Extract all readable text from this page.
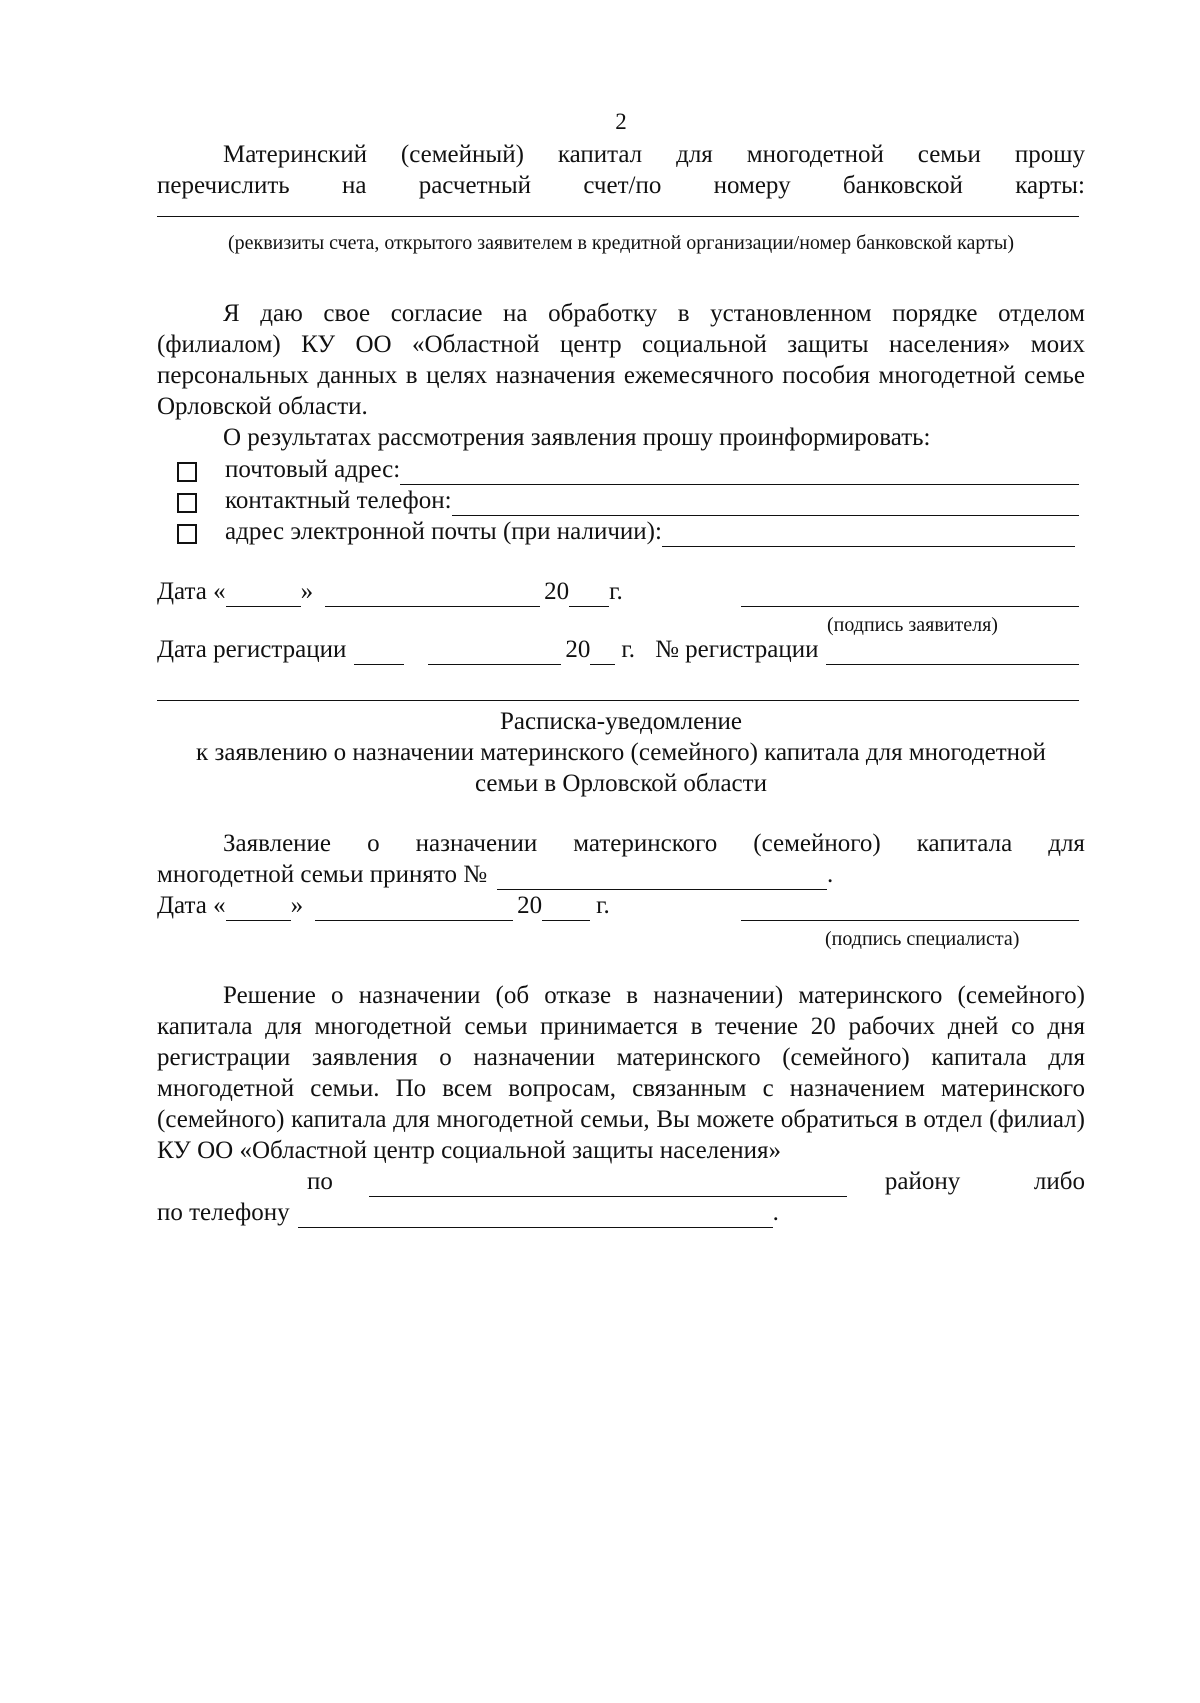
2
Материнский (семейный) капитал для многодетной семьи прошу
перечислить на расчетный счет/по номеру банковской карты:
(реквизиты счета, открытого заявителем в кредитной организации/номер банковской карты)
Я даю свое согласие на обработку в установленном порядке отделом (филиалом) КУ ОО «Областной центр социальной защиты населения» моих персональных данных в целях назначения ежемесячного пособия многодетной семье Орловской области.
О результатах рассмотрения заявления прошу проинформировать:
почтовый адрес:
контактный телефон:
адрес электронной почты (при наличии):
Дата «	»	20 г.
(подпись заявителя)
Дата регистрации	20 г. № регистрации
Расписка-уведомление
к заявлению о назначении материнского (семейного) капитала для многодетной
семьи в Орловской области
Заявление о назначении материнского (семейного) капитала для
многодетной семьи принято №	.
Дата «	»	20 г.
(подпись специалиста)
Решение о назначении (об отказе в назначении) материнского (семейного) капитала для многодетной семьи принимается в течение 20 рабочих дней со дня регистрации заявления о назначении материнского (семейного) капитала для многодетной семьи. По всем вопросам, связанным с назначением материнского (семейного) капитала для многодетной семьи, Вы можете обратиться в отдел (филиал) КУ ОО «Областной центр социальной защиты населения»
по	району	либо
по телефону	.
